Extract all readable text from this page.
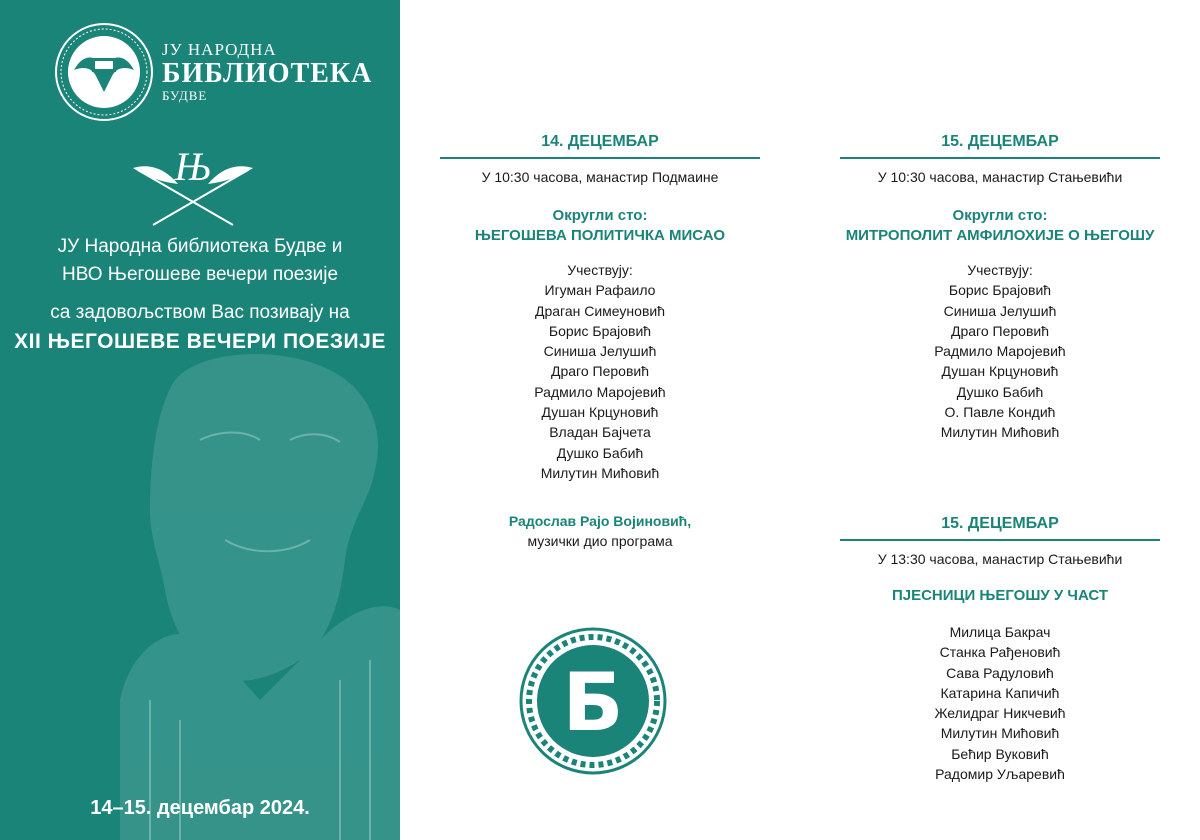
ЈУ НАРОДНА
БИБЛИОТЕКА
БУДВЕ
Њ
ЈУ Народна библиотека Будве и
НВО Његошеве вечери поезије
са задовољством Вас позивају на
XII ЊЕГОШЕВЕ ВЕЧЕРИ ПОЕЗИЈЕ
14–15. децембар 2024.
14. ДЕЦЕМБАР
У 10:30 часова, манастир Подмаине
Округли сто:
ЊЕГОШЕВА ПОЛИТИЧКА МИСАО
Учествују:
Игуман Рафаило
Драган Симеуновић
Борис Брајовић
Синиша Јелушић
Драго Перовић
Радмило Маројевић
Душан Крцуновић
Владан Бајчета
Душко Бабић
Милутин Мићовић
Радослав Рајо Војиновић,
музички дио програма
15. ДЕЦЕМБАР
У 10:30 часова, манастир Стањевићи
Округли сто:
МИТРОПОЛИТ АМФИЛОХИЈЕ О ЊЕГОШУ
Учествују:
Борис Брајовић
Синиша Јелушић
Драго Перовић
Радмило Маројевић
Душан Крцуновић
Душко Бабић
О. Павле Кондић
Милутин Мићовић
15. ДЕЦЕМБАР
У 13:30 часова, манастир Стањевићи
ПЈЕСНИЦИ ЊЕГОШУ У ЧАСТ
Милица Бакрач
Станка Рађеновић
Сава Радуловић
Катарина Капичић
Желидраг Никчевић
Милутин Мићовић
Бећир Вуковић
Радомир Уљаревић
Б
